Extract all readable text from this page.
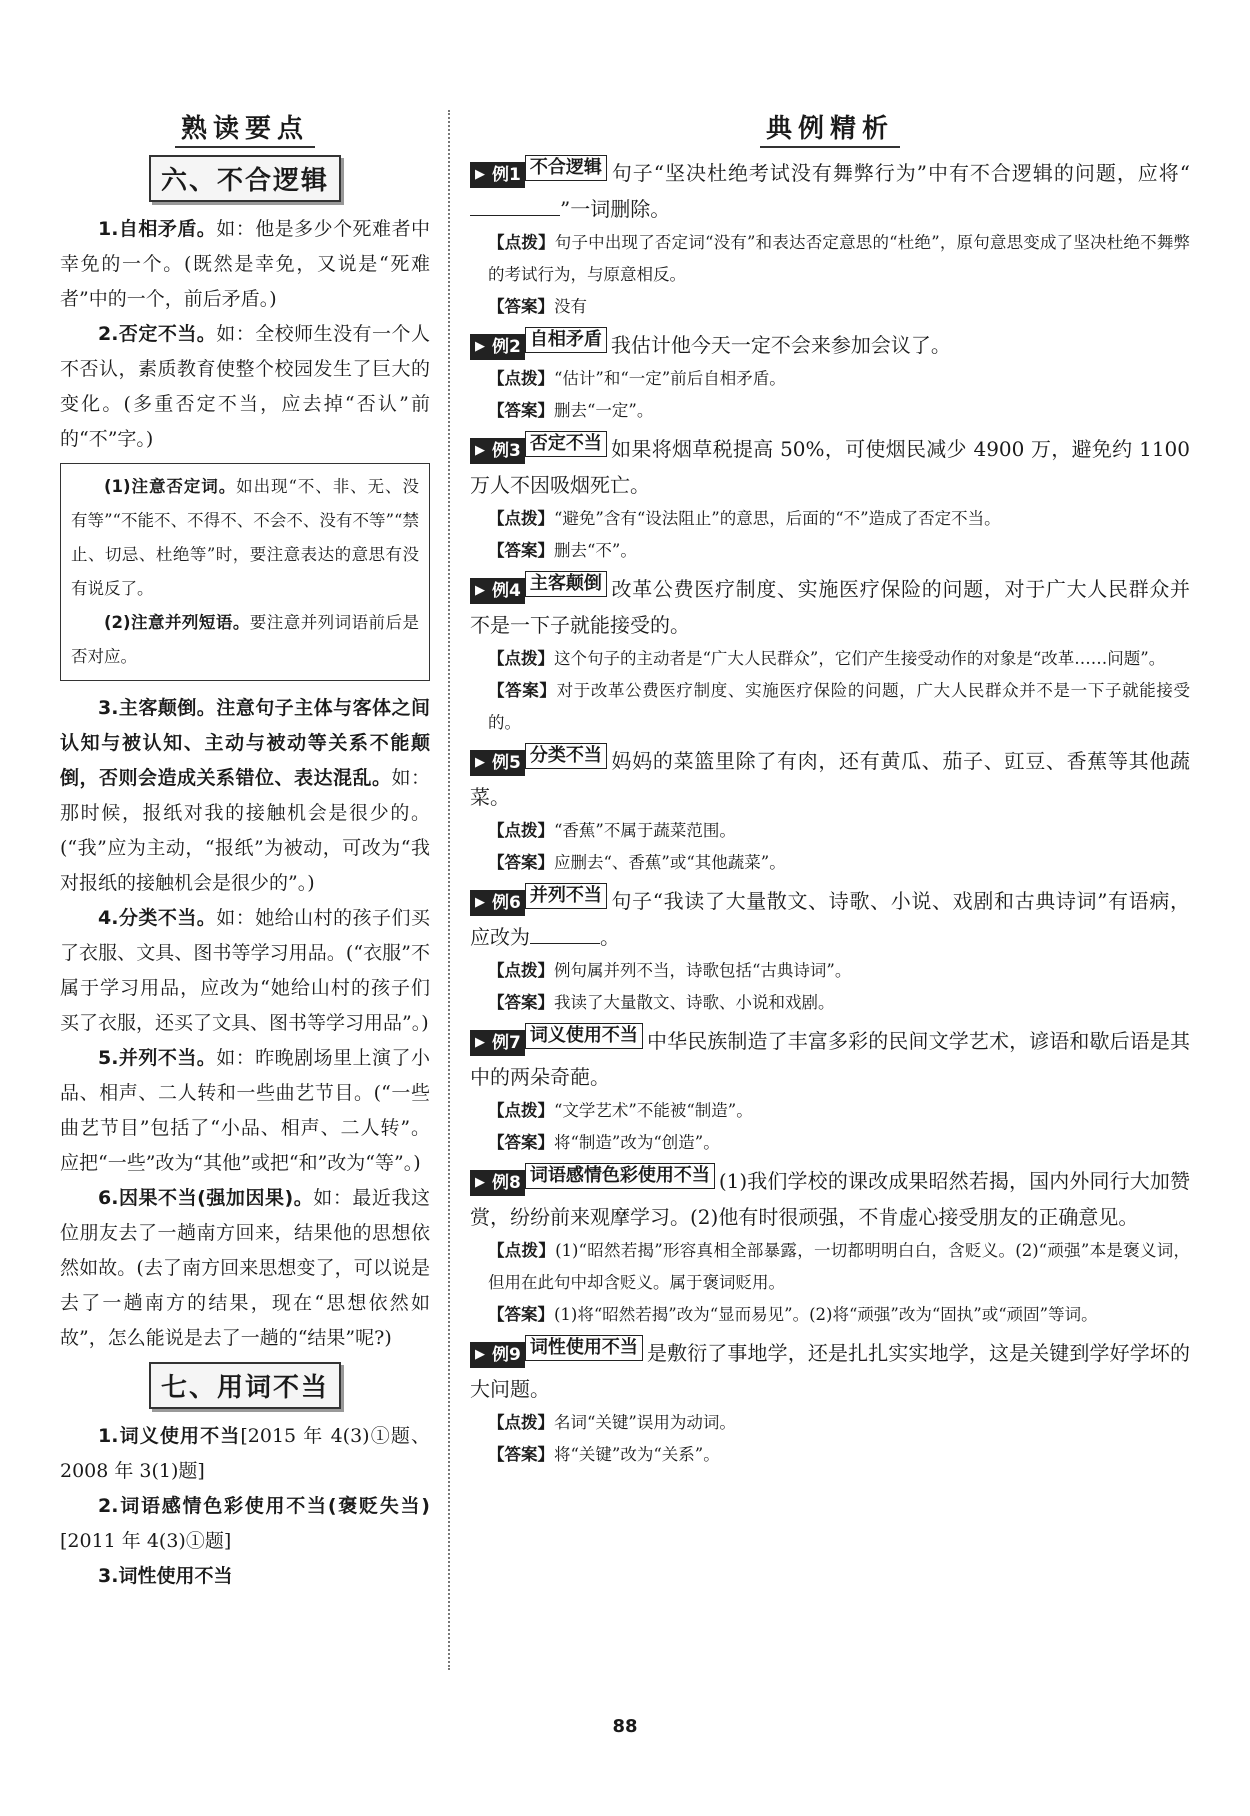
熟读要点
六、不合逻辑

1.自相矛盾。如：他是多少个死难者中幸免的一个。(既然是幸免，又说是“死难者”中的一个，前后矛盾。)

2.否定不当。如：全校师生没有一个人不否认，素质教育使整个校园发生了巨大的变化。(多重否定不当，应去掉“否认”前的“不”字。)

(1)注意否定词。如出现“不、非、无、没有等”“不能不、不得不、不会不、没有不等”“禁止、切忌、杜绝等”时，要注意表达的意思有没有说反了。

(2)注意并列短语。要注意并列词语前后是否对应。

3.主客颠倒。注意句子主体与客体之间认知与被认知、主动与被动等关系不能颠倒，否则会造成关系错位、表达混乱。如：那时候，报纸对我的接触机会是很少的。(“我”应为主动，“报纸”为被动，可改为“我对报纸的接触机会是很少的”。)

4.分类不当。如：她给山村的孩子们买了衣服、文具、图书等学习用品。(“衣服”不属于学习用品，应改为“她给山村的孩子们买了衣服，还买了文具、图书等学习用品”。)

5.并列不当。如：昨晚剧场里上演了小品、相声、二人转和一些曲艺节目。(“一些曲艺节目”包括了“小品、相声、二人转”。应把“一些”改为“其他”或把“和”改为“等”。)

6.因果不当(强加因果)。如：最近我这位朋友去了一趟南方回来，结果他的思想依然如故。(去了南方回来思想变了，可以说是去了一趟南方的结果，现在“思想依然如故”，怎么能说是去了一趟的“结果”呢?)

七、用词不当

1.词义使用不当[2015 年 4(3)①题、2008 年 3(1)题]

2.词语感情色彩使用不当(褒贬失当)[2011 年 4(3)①题]

3.词性使用不当

典例精析

▶ 例1 不合逻辑 句子“坚决杜绝考试没有舞弊行为”中有不合逻辑的问题，应将“”一词删除。

【点拨】句子中出现了否定词“没有”和表达否定意思的“杜绝”，原句意思变成了坚决杜绝不舞弊的考试行为，与原意相反。

【答案】没有

▶ 例2 自相矛盾 我估计他今天一定不会来参加会议了。

【点拨】“估计”和“一定”前后自相矛盾。

【答案】删去“一定”。

▶ 例3 否定不当 如果将烟草税提高 50%，可使烟民减少 4900 万，避免约 1100 万人不因吸烟死亡。

【点拨】“避免”含有“设法阻止”的意思，后面的“不”造成了否定不当。

【答案】删去“不”。

▶ 例4 主客颠倒 改革公费医疗制度、实施医疗保险的问题，对于广大人民群众并不是一下子就能接受的。

【点拨】这个句子的主动者是“广大人民群众”，它们产生接受动作的对象是“改革……问题”。

【答案】对于改革公费医疗制度、实施医疗保险的问题，广大人民群众并不是一下子就能接受的。

▶ 例5 分类不当 妈妈的菜篮里除了有肉，还有黄瓜、茄子、豇豆、香蕉等其他蔬菜。

【点拨】“香蕉”不属于蔬菜范围。

【答案】应删去“、香蕉”或“其他蔬菜”。

▶ 例6 并列不当 句子“我读了大量散文、诗歌、小说、戏剧和古典诗词”有语病，应改为	。

【点拨】例句属并列不当，诗歌包括“古典诗词”。

【答案】我读了大量散文、诗歌、小说和戏剧。

▶ 例7 词义使用不当 中华民族制造了丰富多彩的民间文学艺术，谚语和歇后语是其中的两朵奇葩。

【点拨】“文学艺术”不能被“制造”。

【答案】将“制造”改为“创造”。

▶ 例8 词语感情色彩使用不当 (1)我们学校的课改成果昭然若揭，国内外同行大加赞赏，纷纷前来观摩学习。(2)他有时很顽强，不肯虚心接受朋友的正确意见。

【点拨】(1)“昭然若揭”形容真相全部暴露，一切都明明白白，含贬义。(2)“顽强”本是褒义词，但用在此句中却含贬义。属于褒词贬用。

【答案】(1)将“昭然若揭”改为“显而易见”。(2)将“顽强”改为“固执”或“顽固”等词。

▶ 例9 词性使用不当 是敷衍了事地学，还是扎扎实实地学，这是关键到学好学坏的大问题。

【点拨】名词“关键”误用为动词。

【答案】将“关键”改为“关系”。

88
